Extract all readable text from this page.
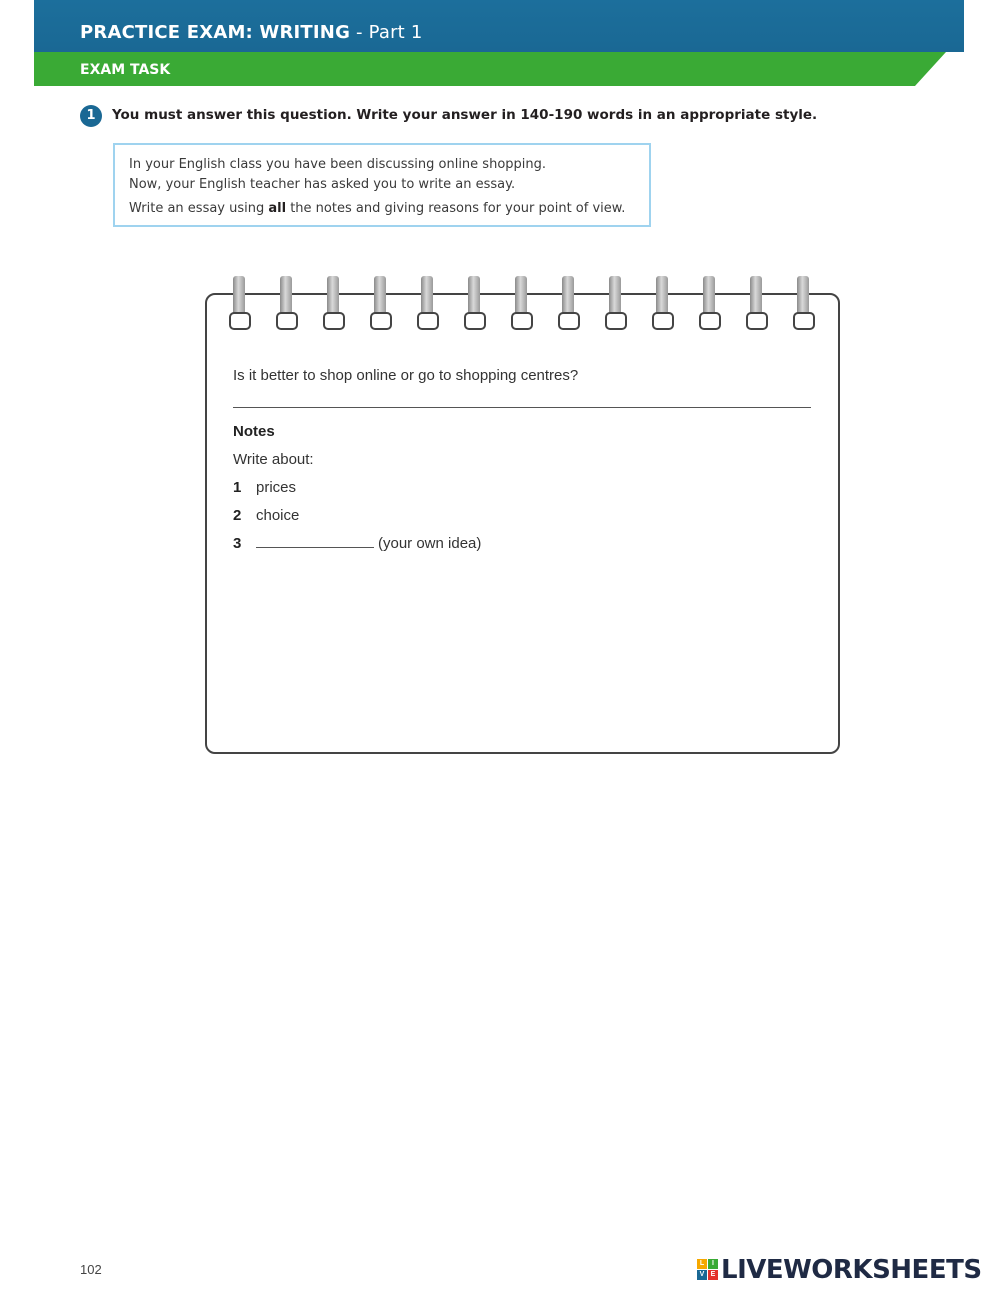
PRACTICE EXAM: WRITING - Part 1
EXAM TASK
1	You must answer this question. Write your answer in 140-190 words in an appropriate style.
In your English class you have been discussing online shopping.
Now, your English teacher has asked you to write an essay.
Write an essay using all the notes and giving reasons for your point of view.
Is it better to shop online or go to shopping centres?
Notes
Write about:
1 prices
2 choice
3	(your own idea)
102	L	I
V E LIVEWORKSHEETS
